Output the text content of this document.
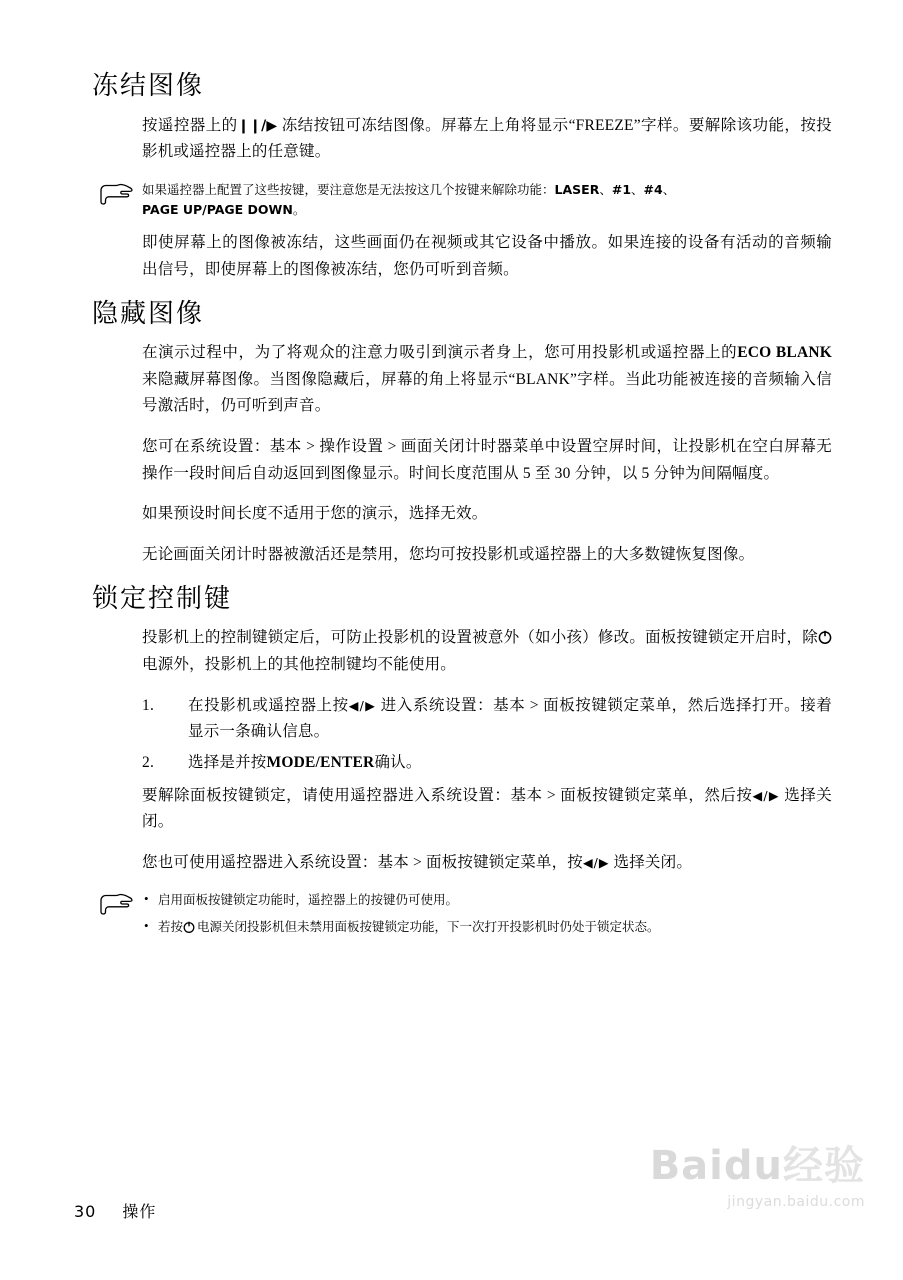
冻结图像

按遥控器上的❙❙/▶ 冻结按钮可冻结图像。屏幕左上角将显示“FREEZE”字样。要解除该功能，按投影机或遥控器上的任意键。

如果遥控器上配置了这些按键，要注意您是无法按这几个按键来解除功能：LASER、#1、#4、
PAGE UP/PAGE DOWN。

即使屏幕上的图像被冻结，这些画面仍在视频或其它设备中播放。如果连接的设备有活动的音频输出信号，即使屏幕上的图像被冻结，您仍可听到音频。

隐藏图像

在演示过程中，为了将观众的注意力吸引到演示者身上，您可用投影机或遥控器上的ECO BLANK 来隐藏屏幕图像。当图像隐藏后，屏幕的角上将显示“BLANK”字样。当此功能被连接的音频输入信号激活时，仍可听到声音。

您可在系统设置：基本 > 操作设置 > 画面关闭计时器菜单中设置空屏时间，让投影机在空白屏幕无操作一段时间后自动返回到图像显示。时间长度范围从 5 至 30 分钟，以 5 分钟为间隔幅度。

如果预设时间长度不适用于您的演示，选择无效。

无论画面关闭计时器被激活还是禁用，您均可按投影机或遥控器上的大多数键恢复图像。

锁定控制键

投影机上的控制键锁定后，可防止投影机的设置被意外（如小孩）修改。面板按键锁定开启时，除电源外，投影机上的其他控制键均不能使用。

1.	在投影机或遥控器上按◀/▶ 进入系统设置：基本 > 面板按键锁定菜单，然后选择打开。接着显示一条确认信息。
2.	选择是并按MODE/ENTER确认。

要解除面板按键锁定，请使用遥控器进入系统设置：基本 > 面板按键锁定菜单，然后按◀/▶ 选择关闭。

您也可使用遥控器进入系统设置：基本 > 面板按键锁定菜单，按◀/▶ 选择关闭。

• 启用面板按键锁定功能时，遥控器上的按键仍可使用。
• 若按 电源关闭投影机但未禁用面板按键锁定功能，下一次打开投影机时仍处于锁定状态。
30 操作
Baidu经验
jingyan.baidu.com
